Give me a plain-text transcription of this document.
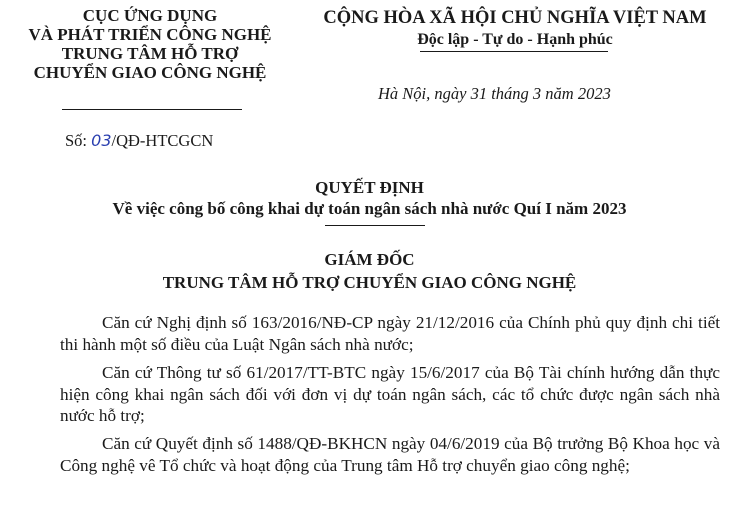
CỤC ỨNG DỤNG
VÀ PHÁT TRIỂN CÔNG NGHỆ
TRUNG TÂM HỖ TRỢ
CHUYỂN GIAO CÔNG NGHỆ
CỘNG HÒA XÃ HỘI CHỦ NGHĨA VIỆT NAM
Độc lập - Tự do - Hạnh phúc
Hà Nội, ngày 31 tháng 3 năm 2023
Số: 03/QĐ-HTCGCN
QUYẾT ĐỊNH
Về việc công bố công khai dự toán ngân sách nhà nước Quí I năm 2023
GIÁM ĐỐC
TRUNG TÂM HỖ TRỢ CHUYỂN GIAO CÔNG NGHỆ
Căn cứ Nghị định số 163/2016/NĐ-CP ngày 21/12/2016 của Chính phủ quy định chi tiết thi hành một số điều của Luật Ngân sách nhà nước;
Căn cứ Thông tư số 61/2017/TT-BTC ngày 15/6/2017 của Bộ Tài chính hướng dẫn thực hiện công khai ngân sách đối với đơn vị dự toán ngân sách, các tổ chức được ngân sách nhà nước hỗ trợ;
Căn cứ Quyết định số 1488/QĐ-BKHCN ngày 04/6/2019 của Bộ trưởng Bộ Khoa học và Công nghệ vê Tổ chức và hoạt động của Trung tâm Hỗ trợ chuyển giao công nghệ;
